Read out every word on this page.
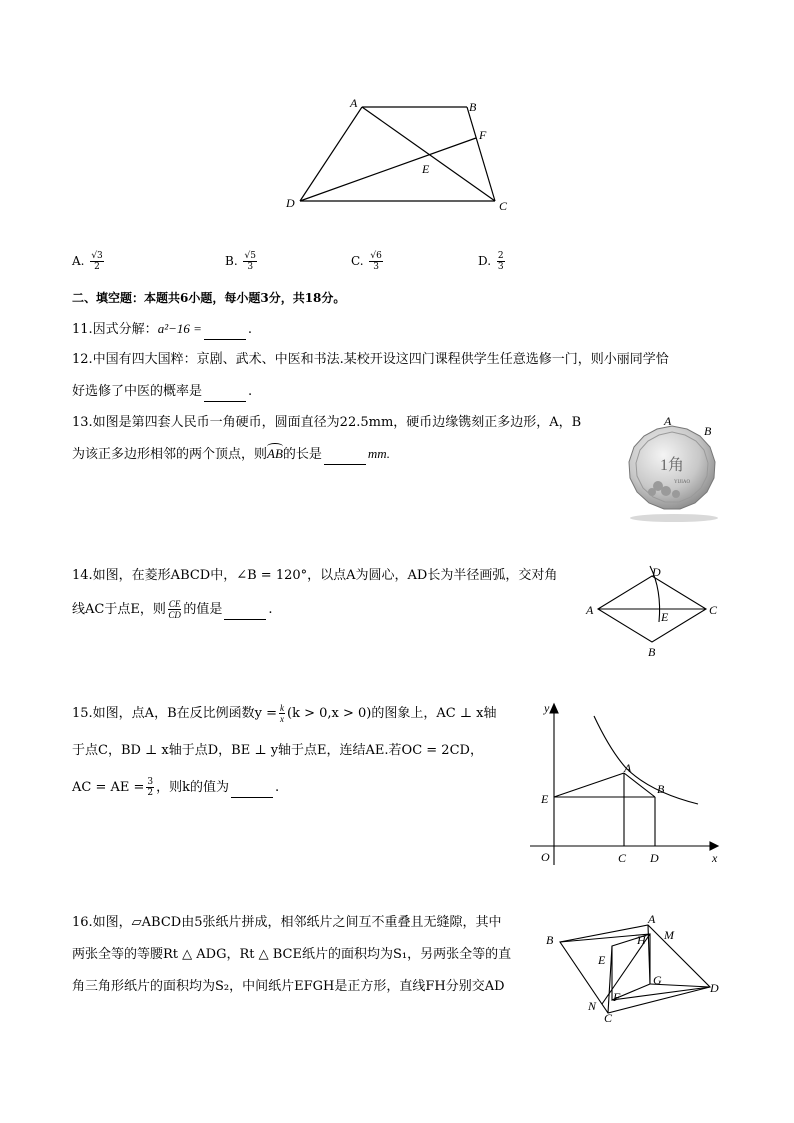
A	B
F
E
D	C
A. $\frac{√3}{2}$	B. $\frac{√5}{3}$	C. $\frac{√6}{3}$	D. $\frac{2}{3}$
二、填空题：本题共6小题，每小题3分，共18分。
11.因式分解：a²−16 =	.
12.中国有四大国粹：京剧、武术、中医和书法.某校开设这四门课程供学生任意选修一门，则小丽同学恰
好选修了中医的概率是	.
13.如图是第四套人民币一角硬币，圆面直径为22.5mm，硬币边缘镌刻正多边形，A，B
为该正多边形相邻的两个顶点，则
AB的长是	mm.
1角
YIJIAO
A
B
14.如图，在菱形ABCD中，∠B = 120°，以点A为圆心，AD长为半径画弧，交对角
线AC于点E，则 $\frac{CE}{CD}$ 的值是	.	A
B
C
D
E
15.如图，点A，B在反比例函数$y = \frac{k}{x} (k > 0,x > 0)$的图象上，AC ⊥ x轴
于点C，BD ⊥ x轴于点D，BE ⊥ y轴于点E，连结AE.若OC = 2CD，
AC = AE = $\frac{3}{2}$ ，则k的值为	.
y
x
O	C D
E
A
B
16.如图，▱ABCD由5张纸片拼成，相邻纸片之间互不重叠且无缝隙，其中
两张全等的等腰Rt △ ADG，Rt △ BCE纸片的面积均为S₁，另两张全等的直
角三角形纸片的面积均为S₂，中间纸片EFGH是正方形，直线FH分别交AD
A
M
B	H
E
G
N
F
D
C
